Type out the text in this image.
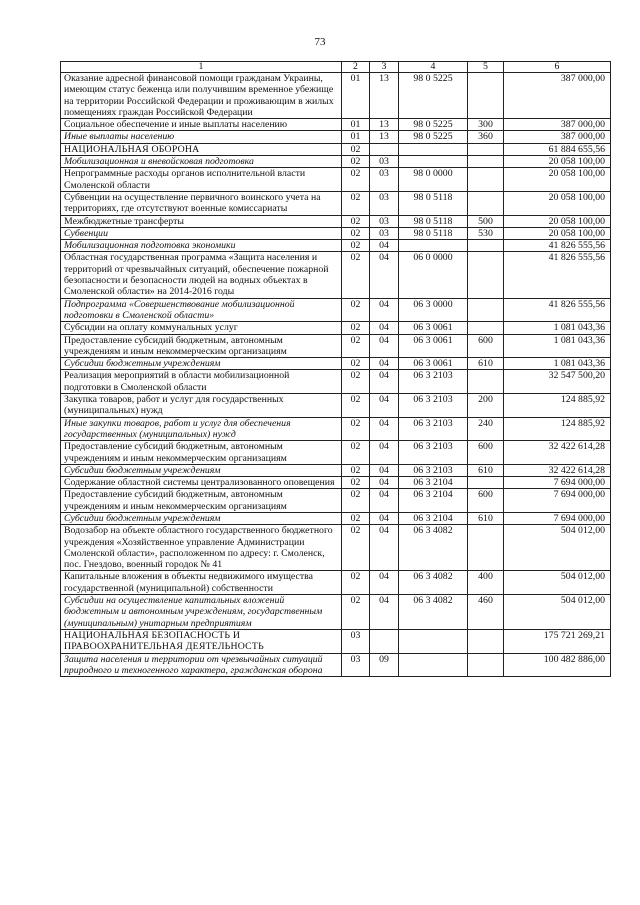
73
1	2	3	4	5	6
Оказание адресной финансовой помощи гражданам Украины, имеющим статус беженца или получившим временное убежище на территории Российской Федерации и проживающим в жилых помещениях граждан Российской Федерации	01	13	98 0 5225		387 000,00
Социальное обеспечение и иные выплаты населению	01	13	98 0 5225	300	387 000,00
Иные выплаты населению	01	13	98 0 5225	360	387 000,00
НАЦИОНАЛЬНАЯ ОБОРОНА	02				61 884 655,56
Мобилизационная и вневойсковая подготовка	02	03			20 058 100,00
Непрограммные расходы органов исполнительной власти Смоленской области	02	03	98 0 0000		20 058 100,00
Субвенции на осуществление первичного воинского учета на территориях, где отсутствуют военные комиссариаты	02	03	98 0 5118		20 058 100,00
Межбюджетные трансферты	02	03	98 0 5118	500	20 058 100,00
Субвенции	02	03	98 0 5118	530	20 058 100,00
Мобилизационная подготовка экономики	02	04			41 826 555,56
Областная государственная программа «Защита населения и территорий от чрезвычайных ситуаций, обеспечение пожарной безопасности и безопасности людей на водных объектах в Смоленской области» на 2014-2016 годы	02	04	06 0 0000		41 826 555,56
Подпрограмма «Совершенствование мобилизационной подготовки в Смоленской области»	02	04	06 3 0000		41 826 555,56
Субсидии на оплату коммунальных услуг	02	04	06 3 0061		1 081 043,36
Предоставление субсидий бюджетным, автономным учреждениям и иным некоммерческим организациям	02	04	06 3 0061	600	1 081 043,36
Субсидии бюджетным учреждениям	02	04	06 3 0061	610	1 081 043,36
Реализация мероприятий в области мобилизационной подготовки в Смоленской области	02	04	06 3 2103		32 547 500,20
Закупка товаров, работ и услуг для государственных (муниципальных) нужд	02	04	06 3 2103	200	124 885,92
Иные закупки товаров, работ и услуг для обеспечения государственных (муниципальных) нужд	02	04	06 3 2103	240	124 885,92
Предоставление субсидий бюджетным, автономным учреждениям и иным некоммерческим организациям	02	04	06 3 2103	600	32 422 614,28
Субсидии бюджетным учреждениям	02	04	06 3 2103	610	32 422 614,28
Содержание областной системы централизованного оповещения	02	04	06 3 2104		7 694 000,00
Предоставление субсидий бюджетным, автономным учреждениям и иным некоммерческим организациям	02	04	06 3 2104	600	7 694 000,00
Субсидии бюджетным учреждениям	02	04	06 3 2104	610	7 694 000,00
Водозабор на объекте областного государственного бюджетного учреждения «Хозяйственное управление Администрации Смоленской области», расположенном по адресу: г. Смоленск, пос. Гнездово, военный городок № 41	02	04	06 3 4082		504 012,00
Капитальные вложения в объекты недвижимого имущества государственной (муниципальной) собственности	02	04	06 3 4082	400	504 012,00
Субсидии на осуществление капитальных вложений бюджетным и автономным учреждениям, государственным (муниципальным) унитарным предприятиям	02	04	06 3 4082	460	504 012,00
НАЦИОНАЛЬНАЯ БЕЗОПАСНОСТЬ И ПРАВООХРАНИТЕЛЬНАЯ ДЕЯТЕЛЬНОСТЬ	03				175 721 269,21
Защита населения и территории от чрезвычайных ситуаций природного и техногенного характера, гражданская оборона	03	09			100 482 886,00
